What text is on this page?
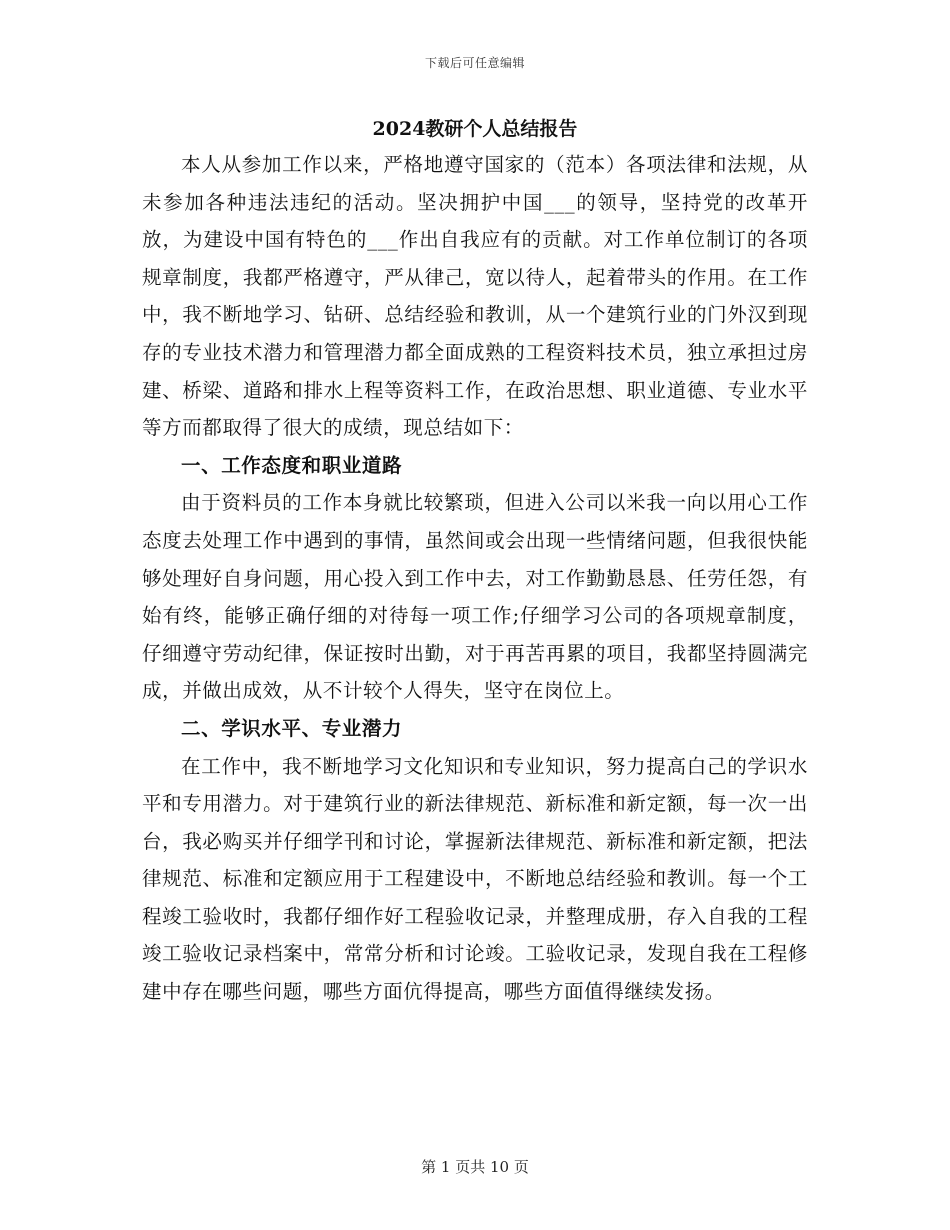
下载后可任意编辑
2024教研个人总结报告

本人从参加工作以来，严格地遵守国家的（范本）各项法律和法规，从未参加各种违法违纪的活动。坚决拥护中国___的领导，坚持党的改革开放，为建设中国有特色的___作出自我应有的贡献。对工作单位制订的各项规章制度，我都严格遵守，严从律己，宽以待人，起着带头的作用。在工作中，我不断地学习、钻研、总结经验和教训，从一个建筑行业的门外汉到现存的专业技术潜力和管理潜力都全面成熟的工程资料技术员，独立承担过房建、桥梁、道路和排水上程等资料工作，在政治思想、职业道德、专业水平等方而都取得了很大的成绩，现总结如下：

一、工作态度和职业道路

由于资料员的工作本身就比较繁琐，但进入公司以米我一向以用心工作态度去处理工作中遇到的事情，虽然间或会出现一些情绪问题，但我很快能够处理好自身问题，用心投入到工作中去，对工作勤勤恳恳、任劳任怨，有始有终，能够正确仔细的对待每一项工作;仔细学习公司的各项规章制度，仔细遵守劳动纪律，保证按时出勤，对于再苦再累的项目，我都坚持圆满完成，并做出成效，从不计较个人得失，坚守在岗位上。

二、学识水平、专业潜力

在工作中，我不断地学习文化知识和专业知识，努力提高白己的学识水平和专用潜力。对于建筑行业的新法律规范、新标准和新定额，每一次一出台，我必购买并仔细学刊和讨论，掌握新法律规范、新标准和新定额，把法律规范、标准和定额应用于工程建设中，不断地总结经验和教训。每一个工程竣工验收时，我都仔细作好工程验收记录，并整理成册，存入自我的工程竣工验收记录档案中，常常分析和讨论竣。工验收记录，发现自我在工程修建中存在哪些问题，哪些方面伉得提高，哪些方面值得继续发扬。

第 1 页共 10 页
